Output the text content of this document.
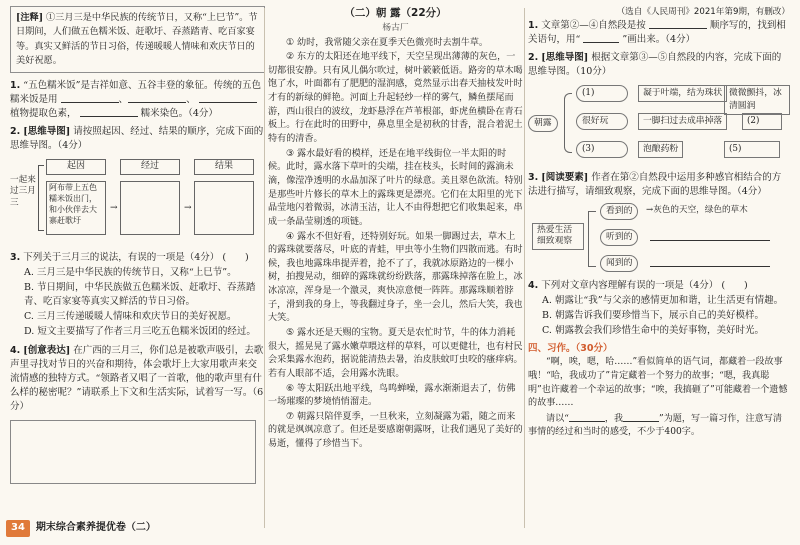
[注释] ①三月三是中华民族的传统节日，又称“上巳节”。节日期间，人们做五色糯米饭、赶歌圩、吞蒸踏青、吃百家宴等。真实又鲜活的节日习俗，传递暖暖人情味和欢庆节日的美好祝愿。
1. “五色糯米饭”是吉祥如意、五谷丰登的象征。传统的五色糯米饭是用	、	、  植物提取色素，	糯米染色。（4分）
2. [思维导图] 请按照起因、经过、结果的顺序，完成下面的思维导图。（4分）
一起来过三月三
起因	经过	结果
阿布带上五色糯米饭出门，和小伙伴去大寨赶歌圩
→	→
3. 下列关于三月三的说法，有误的一项是（4分） (　　)
A. 三月三是中华民族的传统节日，又称“上巳节”。
B. 节日期间，中华民族做五色糯米饭、赶歌圩、吞蒸踏青、吃百家宴等真实又鲜活的节日习俗。
C. 三月三传递暖暖人情味和欢庆节日的美好祝愿。
D. 短文主要描写了作者三月三吃五色糯米饭团的经过。
4. [创意表达] 在广西的三月三，你们总是被歌声吸引，去歌声里寻找对节日的兴奋和期待，体会歌圩上大家用歌声来交流情感的独特方式。“领路者又唱了一首歌，他的歌声里有什么样的秘密呢？”请联系上下文和生活实际，试着写一写。（6分）
（二）朝 露（22分）
杨古厂
① 幼时，我常随父亲在夏季天色微亮时去割牛草。
② 东方的太阳还在地平线下，天空呈现出薄薄的灰色，一切都很安静。只有风儿偶尔吹过，树叶簌簌低语。路旁的草木喝饱了水，叶面都有了肥肥的湿润感，竟然显示出春天抽枝发叶时才有的新绿的鲜艳。河面上升起轻纱一样的雾气，鳞鱼摆尾而游，西山很白的波纹，龙虾悬浮在芦苇根部，虾虎鱼横卧在青石板上。行在此时的田野中，鼻息里全是初秋的甘香，混合着泥土特有的清香。
③ 露水最好看的模样，还是在地平线街位一半太阳的时候。此时，露水落下草叶的尖端，挂在枝头，长时间的露滴未滴，像滢净透明的水晶加深了叶片的绿意。美且翠色欲流。特别是那些叶片修长的草木上的露珠更是漂亮。它们在太阳里的光下晶莹地闪着微弱，冰清玉洁，让人不由得想把它们收集起来，串成一条晶莹剔透的项链。
④ 露水不但好看，还特别好玩。如果一脚踢过去，草木上的露珠就要落尽，叶底的青蛙，甲虫等小生物们四散而逃。有时候，我也地露珠串提弄着，抢不了了，我就冰原路边的一棵小树，拍搜晃动，细碎的露珠就纷纷跌落，那露珠掉落在脸上，冰冰凉凉，浑身是一个激灵，爽快凉意便一阵阵。那露珠顺着脖子，滑到我的身上，等我翻过身子，坐一会儿，然后大笑，我也大笑。
⑤ 露水还是天赐的宝物。夏天是农忙时节，牛的体力消耗很大，摇晃晃了露水嫩草喂这样的草料，可以更健壮，也有村民会采集露水泡药，据说能清热去暑，治皮肤蚊叮虫咬的瘙痒病。若有人眼部不适，会用露水洗眼。
⑥ 等太阳跃出地平线，鸟鸣蝉噪，露水渐渐退去了，仿佛一场璀璨的梦境悄悄溜走。
⑦ 朝露只陪伴夏季，一旦秋来，立刻凝露为霜，随之而来的就是飒飒凉意了。但还是要感谢朝露呀，让我们遇见了美好的易逝，懂得了珍惜当下。
（选自《人民周刊》2021年第9期，有删改）
1. 文章第②—④自然段是按	顺序写的，找到相关语句，用“	”画出来。（4分）
2. [思维导图] 根据文章第③—⑤自然段的内容，完成下面的思维导图。（10分）
朝露
(1)	凝于叶端，结为珠状 微微颤抖，冰清圆润
很好玩	一脚扫过去成串掉落	(2)
(3)	泡酿药粉	(5)
3. [阅读要素] 作者在第②自然段中运用多种感官相结合的方法进行描写，请细致观察，完成下面的思维导图。（4分）
热爱生活细致观察
看到的	→灰色的天空，绿色的草木
听到的
闻到的
4. 下列对文章内容理解有误的一项是（4分） (　　)
A. 朝露让“我”与父亲的感情更加和谐，让生活更有情趣。
B. 朝露告诉我们要珍惜当下，展示自己的美好模样。
C. 朝露教会我们珍惜生命中的美好事物，美好时光。
四、习作。（30分）
“啊，唉，嗯，哈……”看似简单的语气词，都藏着一段故事哦！“哈，我成功了”肯定藏着一个努力的故事；“嗯，我真聪明”也许藏着一个幸运的故事；“唉，我搞砸了”可能藏着一个遗憾的故事……
请以“	，我	”为题，写一篇习作，注意写清事情的经过和当时的感受，不少于400字。
34	期末综合素养提优卷（二）
